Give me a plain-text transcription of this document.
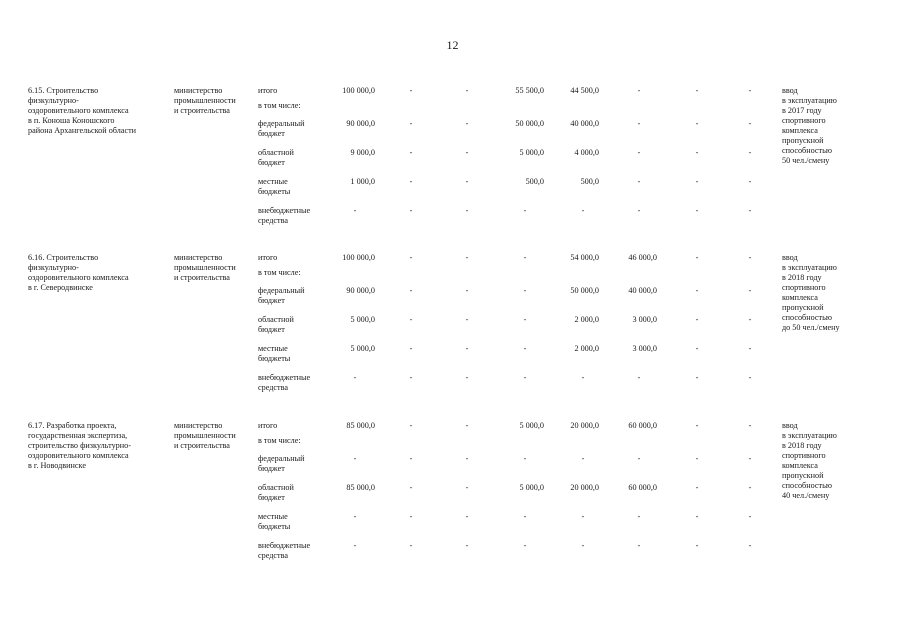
12
6.15. Строительство
физкультурно-
оздоровительного комплекса
в п. Коноша Коношского
района Архангельской области
министерство
промышленности
и строительства
ввод
в эксплуатацию
в 2017 году
спортивного
комплекса
пропускной
способностью
50 чел./смену
итого	100 000,0	-	-	55 500,0	44 500,0	-	-	-
в том числе:
федеральный
бюджет
90 000,0	-	-	50 000,0	40 000,0	-	-	-
областной
бюджет
9 000,0	-	-	5 000,0	4 000,0	-	-	-
местные
бюджеты
1 000,0	-	-	500,0	500,0	-	-	-
внебюджетные
средства
-	-	-	-	-	-	-	-
6.16. Строительство
физкультурно-
оздоровительного комплекса
в г. Северодвинске
министерство
промышленности
и строительства
ввод
в эксплуатацию
в 2018 году
спортивного
комплекса
пропускной
способностью
до 50 чел./смену
итого	100 000,0	-	-	-	54 000,0	46 000,0	-	-
в том числе:
федеральный
бюджет
90 000,0	-	-	-	50 000,0	40 000,0	-	-
областной
бюджет
5 000,0	-	-	-	2 000,0	3 000,0	-	-
местные
бюджеты
5 000,0	-	-	-	2 000,0	3 000,0	-	-
внебюджетные
средства
-	-	-	-	-	-	-	-
6.17. Разработка проекта,
государственная экспертиза,
строительство физкультурно-
оздоровительного комплекса
в г. Новодвинске
министерство
промышленности
и строительства
ввод
в эксплуатацию
в 2018 году
спортивного
комплекса
пропускной
способностью
40 чел./смену
итого	85 000,0	-	-	5 000,0	20 000,0	60 000,0	-	-
в том числе:
федеральный
бюджет
-	-	-	-	-	-	-	-
областной
бюджет
85 000,0	-	-	5 000,0	20 000,0	60 000,0	-	-
местные
бюджеты
-	-	-	-	-	-	-	-
внебюджетные
средства
-	-	-	-	-	-	-	-
